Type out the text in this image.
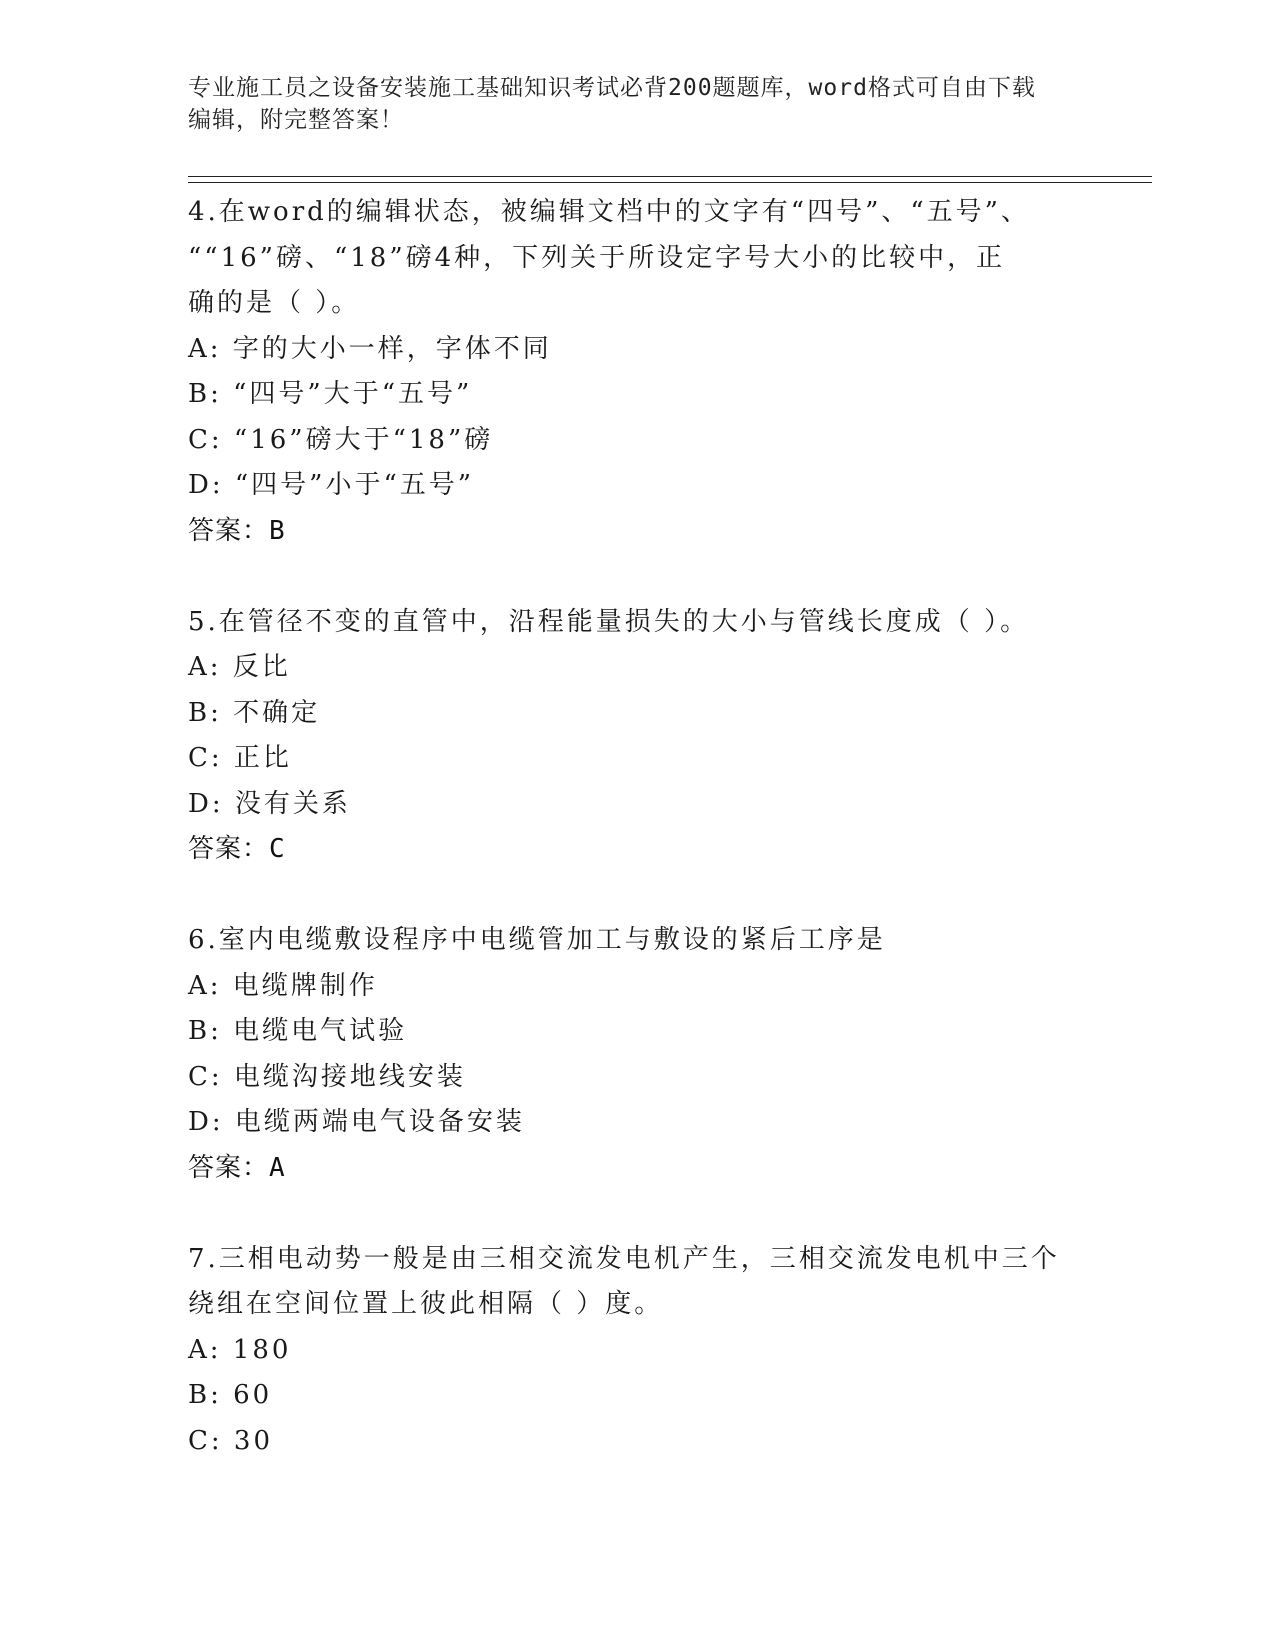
专业施工员之设备安装施工基础知识考试必背200题题库，word格式可自由下载
编辑，附完整答案！

4.在word的编辑状态，被编辑文档中的文字有“四号”、“五号”、

““16”磅、“18”磅4种，下列关于所设定字号大小的比较中，正

确的是（ ）。

A: 字的大小一样，字体不同

B: “四号”大于“五号”

C: “16”磅大于“18”磅

D: “四号”小于“五号”

答案：B

5.在管径不变的直管中，沿程能量损失的大小与管线长度成（ ）。

A: 反比

B: 不确定

C: 正比

D: 没有关系

答案：C

6.室内电缆敷设程序中电缆管加工与敷设的紧后工序是

A: 电缆牌制作

B: 电缆电气试验

C: 电缆沟接地线安装

D: 电缆两端电气设备安装

答案：A

7.三相电动势一般是由三相交流发电机产生，三相交流发电机中三个

绕组在空间位置上彼此相隔（ ）度。

A: 180

B: 60

C: 30
